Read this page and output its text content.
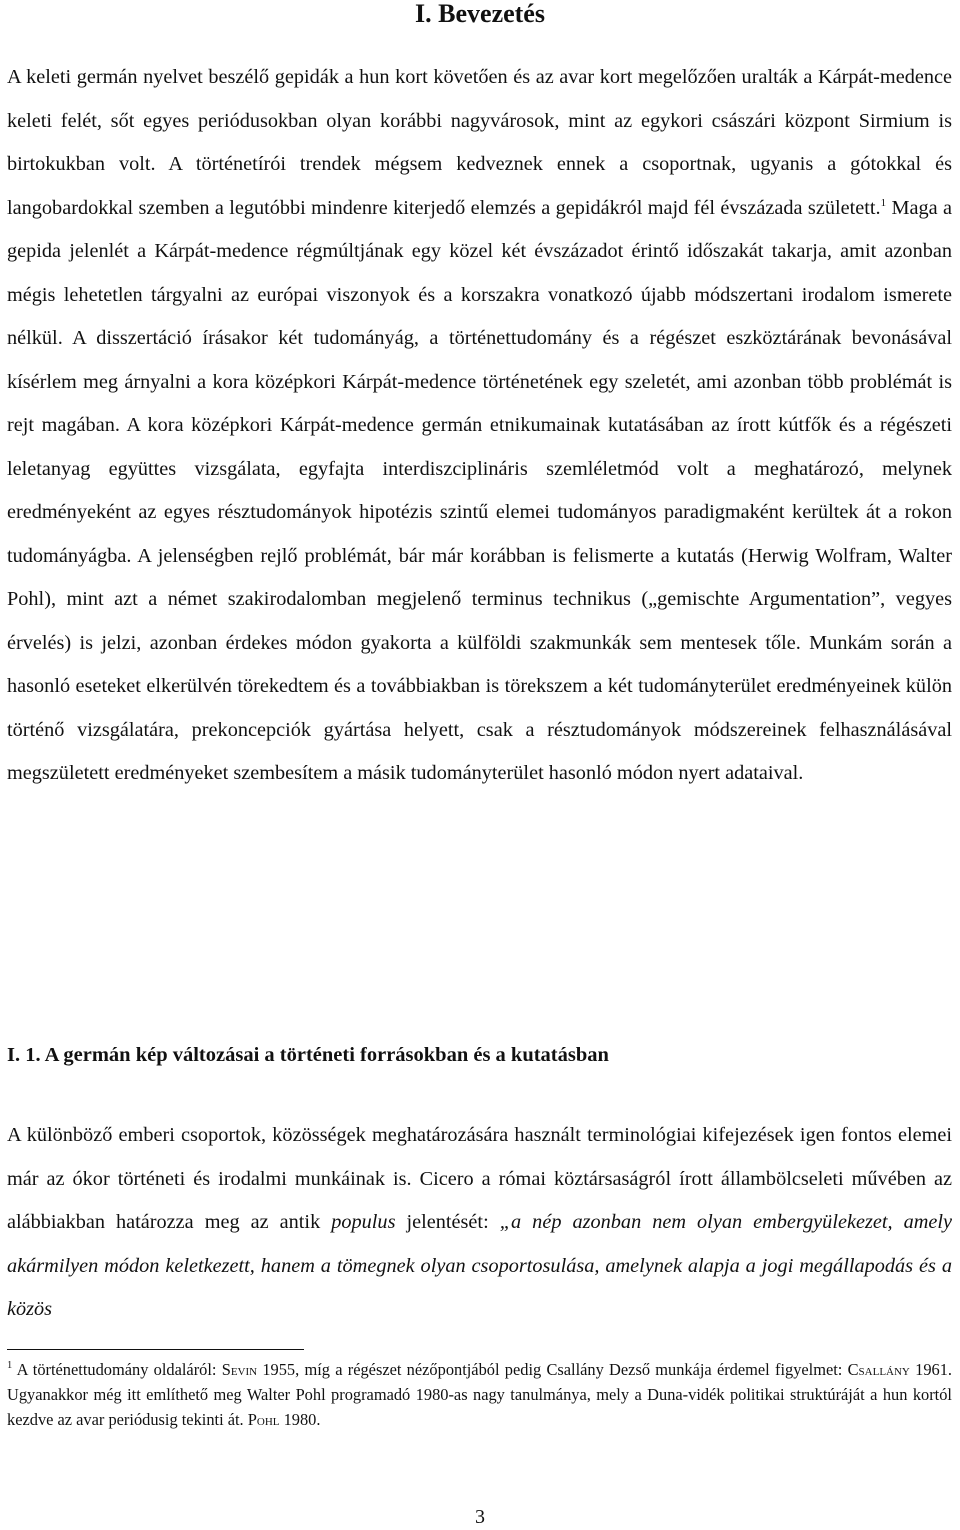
I. Bevezetés

A keleti germán nyelvet beszélő gepidák a hun kort követően és az avar kort megelőzően uralták a Kárpát-medence keleti felét, sőt egyes periódusokban olyan korábbi nagyvárosok, mint az egykori császári központ Sirmium is birtokukban volt. A történetírói trendek mégsem kedveznek ennek a csoportnak, ugyanis a gótokkal és langobardokkal szemben a legutóbbi mindenre kiterjedő elemzés a gepidákról majd fél évszázada született.$^1$ Maga a gepida jelenlét a Kárpát-medence régmúltjának egy közel két évszázadot érintő időszakát takarja, amit azonban mégis lehetetlen tárgyalni az európai viszonyok és a korszakra vonatkozó újabb módszertani irodalom ismerete nélkül. A disszertáció írásakor két tudományág, a történettudomány és a régészet eszköztárának bevonásával kísérlem meg árnyalni a kora középkori Kárpát-medence történetének egy szeletét, ami azonban több problémát is rejt magában. A kora középkori Kárpát-medence germán etnikumainak kutatásában az írott kútfők és a régészeti leletanyag együttes vizsgálata, egyfajta interdiszciplináris szemléletmód volt a meghatározó, melynek eredményeként az egyes résztudományok hipotézis szintű elemei tudományos paradigmaként kerültek át a rokon tudományágba. A jelenségben rejlő problémát, bár már korábban is felismerte a kutatás (Herwig Wolfram, Walter Pohl), mint azt a német szakirodalomban megjelenő terminus technikus („gemischte Argumentation”, vegyes érvelés) is jelzi, azonban érdekes módon gyakorta a külföldi szakmunkák sem mentesek tőle. Munkám során a hasonló eseteket elkerülvén törekedtem és a továbbiakban is törekszem a két tudományterület eredményeinek külön történő vizsgálatára, prekoncepciók gyártása helyett, csak a résztudományok módszereinek felhasználásával megszületett eredményeket szembesítem a másik tudományterület hasonló módon nyert adataival.

I. 1. A germán kép változásai a történeti forrásokban és a kutatásban

A különböző emberi csoportok, közösségek meghatározására használt terminológiai kifejezések igen fontos elemei már az ókor történeti és irodalmi munkáinak is. Cicero a római köztársaságról írott állambölcseleti művében az alábbiakban határozza meg az antik populus jelentését: „a nép azonban nem olyan embergyülekezet, amely akármilyen módon keletkezett, hanem a tömegnek olyan csoportosulása, amelynek alapja a jogi megállapodás és a közös

$^1$ A történettudomány oldaláról: Sevin 1955, míg a régészet nézőpontjából pedig Csallány Dezső munkája érdemel figyelmet: Csallány 1961. Ugyanakkor még itt említhető meg Walter Pohl programadó 1980-as nagy tanulmánya, mely a Duna-vidék politikai struktúráját a hun kortól kezdve az avar periódusig tekinti át. Pohl 1980.

3
